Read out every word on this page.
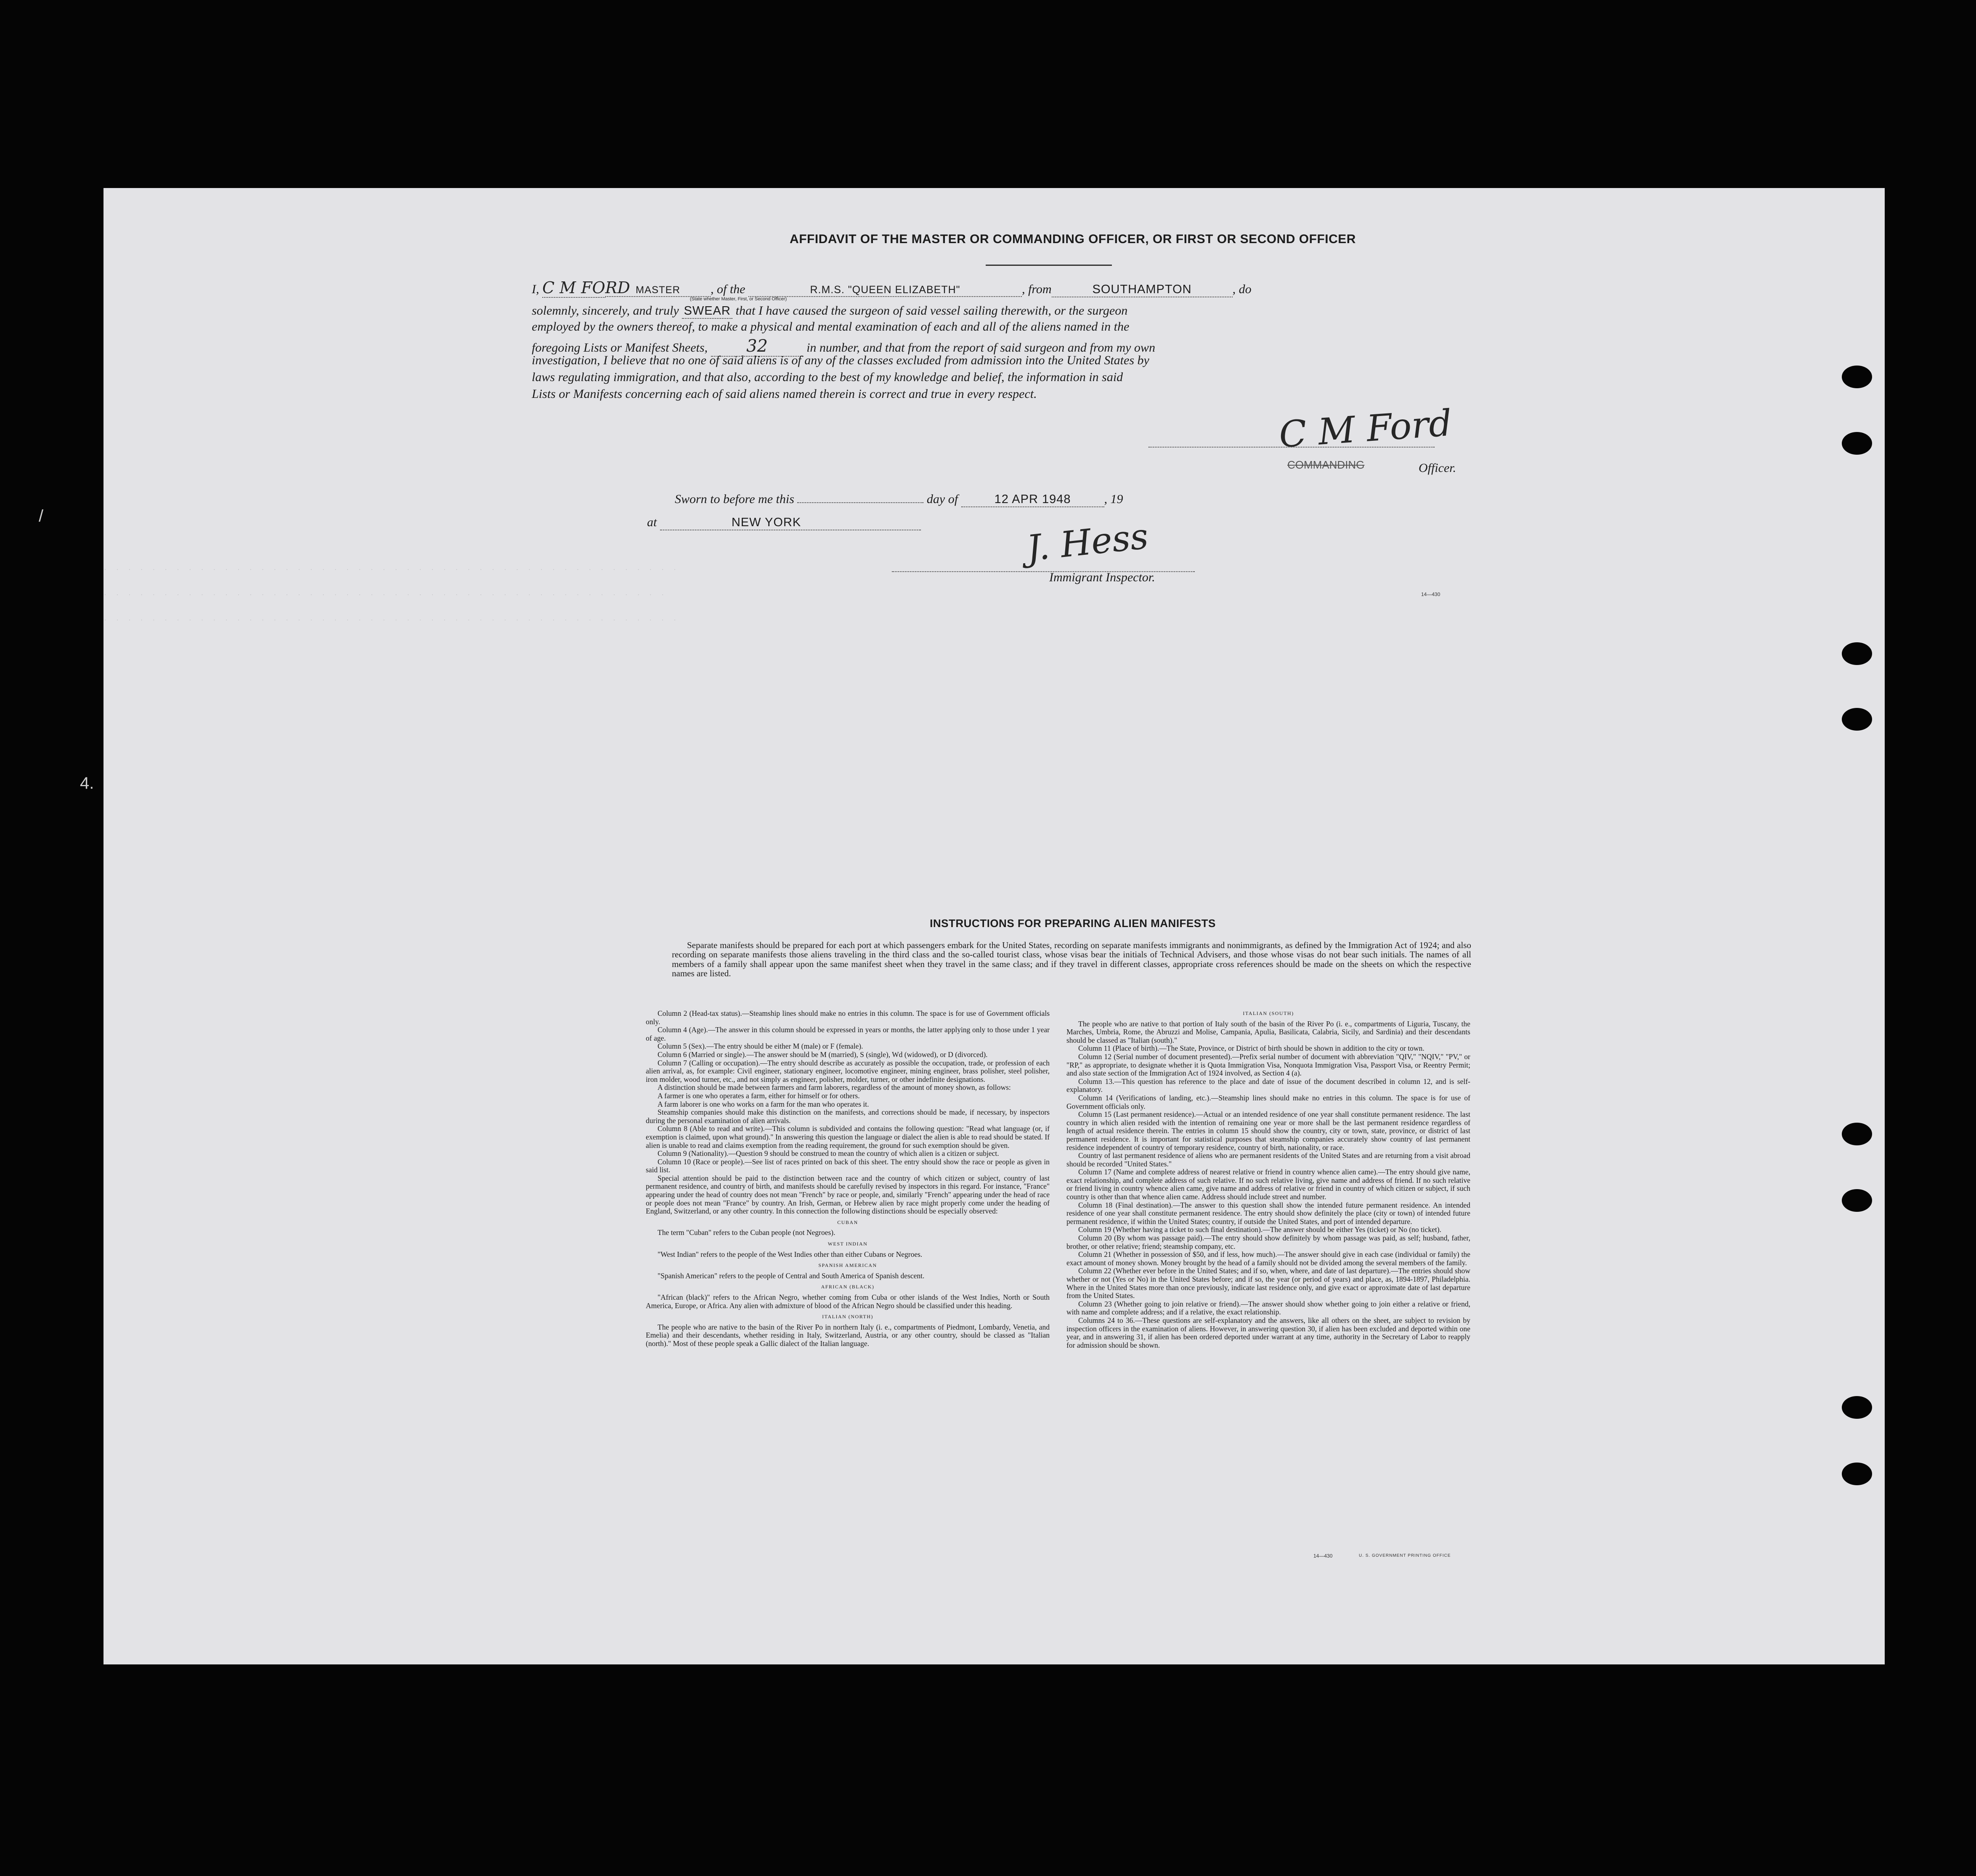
/
4.
· · · · · · · · · · · · · · · · · · · · · · · · · · · · · · · · · · · · · · · · · · · · · · · ·
· · · · · · · · · · · · · · · · · · · · · · · · · · · · · · · · · · · · · · · · · · · · · · ·
· · · · · · · · · · · · · · · · · · · · · · · · · · · · · · · · · · · · · · · · · · · · · · · ·
AFFIDAVIT OF THE MASTER OR COMMANDING OFFICER, OR FIRST OR SECOND OFFICER
I, C M FORD MASTER , of the	R.M.S. "QUEEN ELIZABETH"	, from	SOUTHAMPTON	, do
(State whether Master, First, or Second Officer)
solemnly, sincerely, and truly SWEAR that I have caused the surgeon of said vessel sailing therewith, or the surgeon
employed by the owners thereof, to make a physical and mental examination of each and all of the aliens named in the
foregoing Lists or Manifest Sheets, 32	in number, and that from the report of said surgeon and from my own
investigation, I believe that no one of said aliens is of any of the classes excluded from admission into the United States by
laws regulating immigration, and that also, according to the best of my knowledge and belief, the information in said
Lists or Manifests concerning each of said aliens named therein is correct and true in every respect.
C M Ford
COMMANDING	Officer.
Sworn to before me this	day of	12 APR 1948	, 19
at	NEW YORK	J. Hess
Immigrant Inspector.
14—430
INSTRUCTIONS FOR PREPARING ALIEN MANIFESTS
Separate manifests should be prepared for each port at which passengers embark for the United States, recording on separate manifests immigrants and nonimmigrants, as defined by the Immigration Act of 1924; and also recording on separate manifests those aliens traveling in the third class and the so-called tourist class, whose visas bear the initials of Technical Advisers, and those whose visas do not bear such initials. The names of all members of a family shall appear upon the same manifest sheet when they travel in the same class; and if they travel in different classes, appropriate cross references should be made on the sheets on which the respective names are listed.

Column 2 (Head-tax status).—Steamship lines should make no entries in this column. The space is for use of Government officials only.

Column 4 (Age).—The answer in this column should be expressed in years or months, the latter applying only to those under 1 year of age.

Column 5 (Sex).—The entry should be either M (male) or F (female).

Column 6 (Married or single).—The answer should be M (married), S (single), Wd (widowed), or D (divorced).

Column 7 (Calling or occupation).—The entry should describe as accurately as possible the occupation, trade, or profession of each alien arrival, as, for example: Civil engineer, stationary engineer, locomotive engineer, mining engineer, brass polisher, steel polisher, iron molder, wood turner, etc., and not simply as engineer, polisher, molder, turner, or other indefinite designations.

A distinction should be made between farmers and farm laborers, regardless of the amount of money shown, as follows:

A farmer is one who operates a farm, either for himself or for others.

A farm laborer is one who works on a farm for the man who operates it.

Steamship companies should make this distinction on the manifests, and corrections should be made, if necessary, by inspectors during the personal examination of alien arrivals.

Column 8 (Able to read and write).—This column is subdivided and contains the following question: "Read what language (or, if exemption is claimed, upon what ground)." In answering this question the language or dialect the alien is able to read should be stated. If alien is unable to read and claims exemption from the reading requirement, the ground for such exemption should be given.

Column 9 (Nationality).—Question 9 should be construed to mean the country of which alien is a citizen or subject.

Column 10 (Race or people).—See list of races printed on back of this sheet. The entry should show the race or people as given in said list.

Special attention should be paid to the distinction between race and the country of which citizen or subject, country of last permanent residence, and country of birth, and manifests should be carefully revised by inspectors in this regard. For instance, "France" appearing under the head of country does not mean "French" by race or people, and, similarly "French" appearing under the head of race or people does not mean "France" by country. An Irish, German, or Hebrew alien by race might properly come under the heading of England, Switzerland, or any other country. In this connection the following distinctions should be especially observed:

CUBAN

The term "Cuban" refers to the Cuban people (not Negroes).

WEST INDIAN

"West Indian" refers to the people of the West Indies other than either Cubans or Negroes.

SPANISH AMERICAN

"Spanish American" refers to the people of Central and South America of Spanish descent.

AFRICAN (BLACK)

"African (black)" refers to the African Negro, whether coming from Cuba or other islands of the West Indies, North or South America, Europe, or Africa. Any alien with admixture of blood of the African Negro should be classified under this heading.

ITALIAN (NORTH)

The people who are native to the basin of the River Po in northern Italy (i. e., compartments of Piedmont, Lombardy, Venetia, and Emelia) and their descendants, whether residing in Italy, Switzerland, Austria, or any other country, should be classed as "Italian (north)." Most of these people speak a Gallic dialect of the Italian language.

ITALIAN (SOUTH)

The people who are native to that portion of Italy south of the basin of the River Po (i. e., compartments of Liguria, Tuscany, the Marches, Umbria, Rome, the Abruzzi and Molise, Campania, Apulia, Basilicata, Calabria, Sicily, and Sardinia) and their descendants should be classed as "Italian (south)."

Column 11 (Place of birth).—The State, Province, or District of birth should be shown in addition to the city or town.

Column 12 (Serial number of document presented).—Prefix serial number of document with abbreviation "QIV," "NQIV," "PV," or "RP," as appropriate, to designate whether it is Quota Immigration Visa, Nonquota Immigration Visa, Passport Visa, or Reentry Permit; and also state section of the Immigration Act of 1924 involved, as Section 4 (a).

Column 13.—This question has reference to the place and date of issue of the document described in column 12, and is self-explanatory.

Column 14 (Verifications of landing, etc.).—Steamship lines should make no entries in this column. The space is for use of Government officials only.

Column 15 (Last permanent residence).—Actual or an intended residence of one year shall constitute permanent residence. The last country in which alien resided with the intention of remaining one year or more shall be the last permanent residence regardless of length of actual residence therein. The entries in column 15 should show the country, city or town, state, province, or district of last permanent residence. It is important for statistical purposes that steamship companies accurately show country of last permanent residence independent of country of temporary residence, country of birth, nationality, or race.

Country of last permanent residence of aliens who are permanent residents of the United States and are returning from a visit abroad should be recorded "United States."

Column 17 (Name and complete address of nearest relative or friend in country whence alien came).—The entry should give name, exact relationship, and complete address of such relative. If no such relative living, give name and address of friend. If no such relative or friend living in country whence alien came, give name and address of relative or friend in country of which citizen or subject, if such country is other than that whence alien came. Address should include street and number.

Column 18 (Final destination).—The answer to this question shall show the intended future permanent residence. An intended residence of one year shall constitute permanent residence. The entry should show definitely the place (city or town) of intended future permanent residence, if within the United States; country, if outside the United States, and port of intended departure.

Column 19 (Whether having a ticket to such final destination).—The answer should be either Yes (ticket) or No (no ticket).

Column 20 (By whom was passage paid).—The entry should show definitely by whom passage was paid, as self; husband, father, brother, or other relative; friend; steamship company, etc.

Column 21 (Whether in possession of $50, and if less, how much).—The answer should give in each case (individual or family) the exact amount of money shown. Money brought by the head of a family should not be divided among the several members of the family.

Column 22 (Whether ever before in the United States; and if so, when, where, and date of last departure).—The entries should show whether or not (Yes or No) in the United States before; and if so, the year (or period of years) and place, as, 1894-1897, Philadelphia. Where in the United States more than once previously, indicate last residence only, and give exact or approximate date of last departure from the United States.

Column 23 (Whether going to join relative or friend).—The answer should show whether going to join either a relative or friend, with name and complete address; and if a relative, the exact relationship.

Columns 24 to 36.—These questions are self-explanatory and the answers, like all others on the sheet, are subject to revision by inspection officers in the examination of aliens. However, in answering question 30, if alien has been excluded and deported within one year, and in answering 31, if alien has been ordered deported under warrant at any time, authority in the Secretary of Labor to reapply for admission should be shown.

14—430	U. S. GOVERNMENT PRINTING OFFICE
